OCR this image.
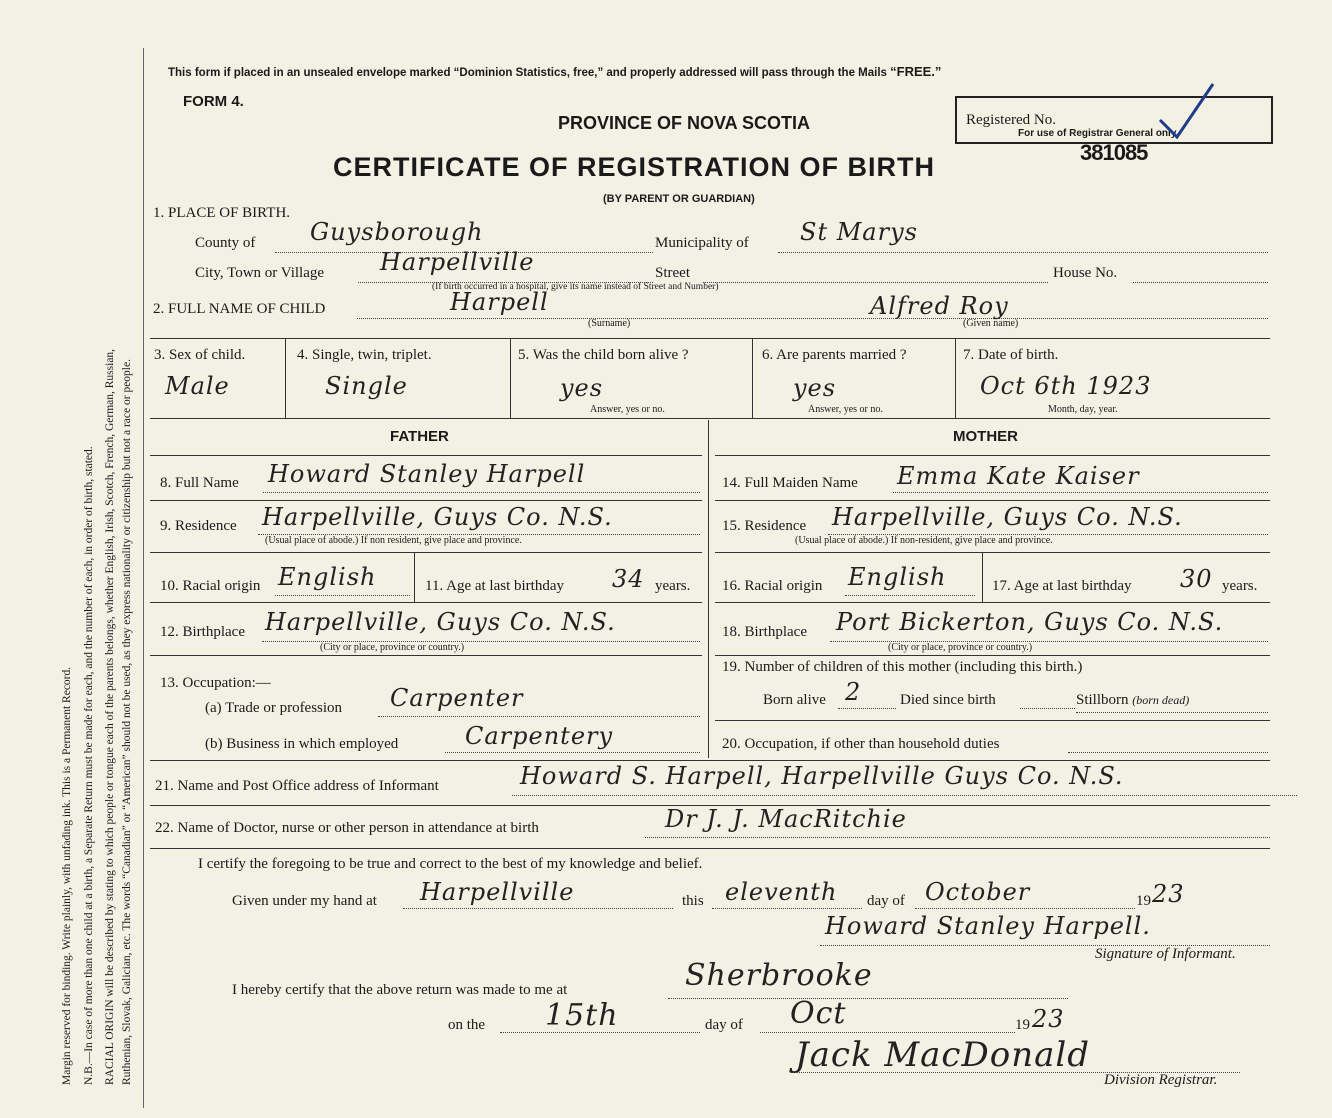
Margin reserved for binding. Write plainly, with unfading ink. This is a Permanent Record. N.B.—In case of more than one child at a birth, a Separate Return must be made for each, and the number of each, in order of birth, stated. RACIAL ORIGIN will be described by stating to which people or tongue each of the parents belongs, whether English, Irish, Scotch, French, German, Russian, Ruthenian, Slovak, Galician, etc. The words “Canadian” or “American” should not be used, as they express nationality or citizenship but not a race or people.
This form if placed in an unsealed envelope marked “Dominion Statistics, free,” and properly addressed will pass through the Mails “FREE.”
FORM 4.
PROVINCE OF NOVA SCOTIA
CERTIFICATE OF REGISTRATION OF BIRTH
(BY PARENT OR GUARDIAN)
Registered No.
For use of Registrar General only.
381085
1. PLACE OF BIRTH.
County of Guysborough	Municipality of St Marys
City, Town or Village Harpellville	Street	House No.
(If birth occurred in a hospital, give its name instead of Street and Number)
2. FULL NAME OF CHILD	Harpell	Alfred Roy
(Surname)	(Given name)
3. Sex of child.
Male
4. Single, twin, triplet.
Single
5. Was the child born alive ?
yes
Answer, yes or no.
6. Are parents married ?
yes
Answer, yes or no.
7. Date of birth.
Oct 6th 1923
Month, day, year.
FATHER	MOTHER
8. Full Name Howard Stanley Harpell
9. Residence Harpellville, Guys Co. N.S.
(Usual place of abode.) If non resident, give place and province.
10. Racial origin English	11. Age at last birthday 34 years.
12. Birthplace Harpellville, Guys Co. N.S.
(City or place, province or country.)
13. Occupation:—
(a) Trade or profession Carpenter
(b) Business in which employed	Carpentery
14. Full Maiden Name Emma Kate Kaiser
15. Residence Harpellville, Guys Co. N.S.
(Usual place of abode.) If non-resident, give place and province.
16. Racial origin English	17. Age at last birthday 30 years.
18. Birthplace Port Bickerton, Guys Co. N.S.
(City or place, province or country.)
19. Number of children of this mother (including this birth.)
Born alive 2	Died since birth	Stillborn (born dead)
20. Occupation, if other than household duties
21. Name and Post Office address of Informant	Howard S. Harpell, Harpellville Guys Co. N.S.
22. Name of Doctor, nurse or other person in attendance at birth	Dr J. J. MacRitchie
I certify the foregoing to be true and correct to the best of my knowledge and belief.
Given under my hand at Harpellville	this eleventh day of October	19 23
Howard Stanley Harpell.
Signature of Informant.
I hereby certify that the above return was made to me at	Sherbrooke
on the 15th	day of Oct	19 23
Jack MacDonald
Division Registrar.
